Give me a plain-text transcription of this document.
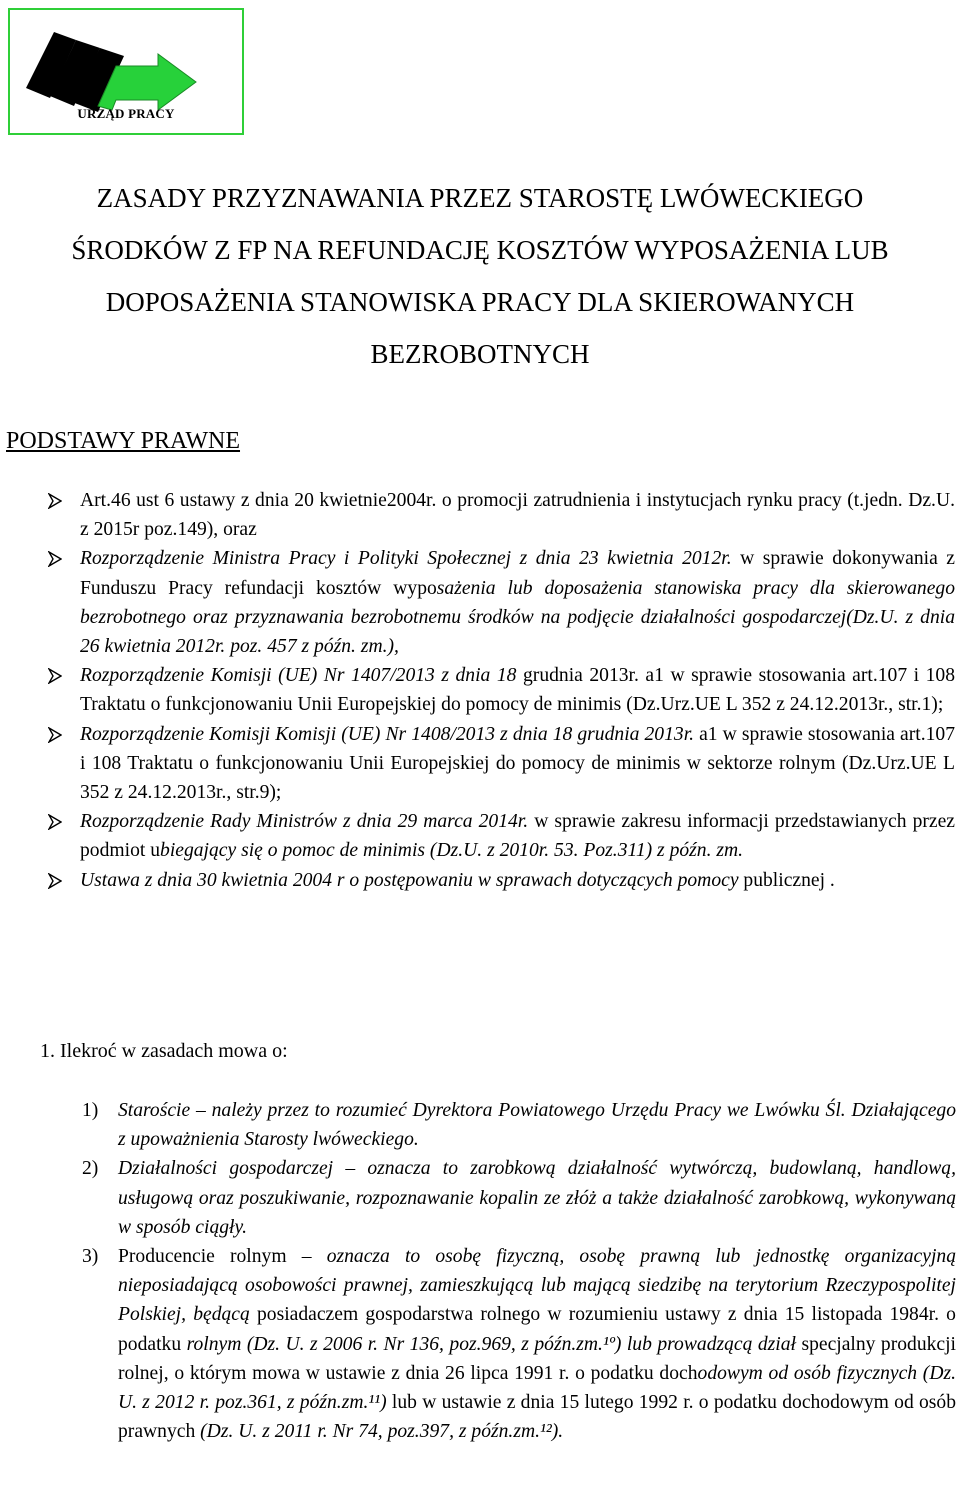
URZĄD PRACY
ZASADY PRZYZNAWANIA PRZEZ STAROSTĘ LWÓWECKIEGO
ŚRODKÓW Z FP NA REFUNDACJĘ KOSZTÓW WYPOSAŻENIA LUB
DOPOSAŻENIA STANOWISKA PRACY DLA SKIEROWANYCH
BEZROBOTNYCH
PODSTAWY PRAWNE
Art.46 ust 6 ustawy z dnia 20 kwietnie2004r. o promocji zatrudnienia i instytucjach rynku pracy (t.jedn. Dz.U. z 2015r poz.149), oraz
Rozporządzenie Ministra Pracy i Polityki Społecznej z dnia 23 kwietnia 2012r. w sprawie dokonywania z Funduszu Pracy refundacji kosztów wyposażenia lub doposażenia stanowiska pracy dla skierowanego bezrobotnego oraz przyznawania bezrobotnemu środków na podjęcie działalności gospodarczej(Dz.U. z dnia 26 kwietnia 2012r. poz. 457 z późn. zm.),
Rozporządzenie Komisji (UE) Nr 1407/2013 z dnia 18 grudnia 2013r. a1 w sprawie stosowania art.107 i 108 Traktatu o funkcjonowaniu Unii Europejskiej do pomocy de minimis (Dz.Urz.UE L 352 z 24.12.2013r., str.1);
Rozporządzenie Komisji Komisji (UE) Nr 1408/2013 z dnia 18 grudnia 2013r. a1 w sprawie stosowania art.107 i 108 Traktatu o funkcjonowaniu Unii Europejskiej do pomocy de minimis w sektorze rolnym (Dz.Urz.UE L 352 z 24.12.2013r., str.9);
Rozporządzenie Rady Ministrów z dnia 29 marca 2014r. w sprawie zakresu informacji przedstawianych przez podmiot ubiegający się o pomoc de minimis (Dz.U. z 2010r. 53. Poz.311) z późn. zm.
Ustawa z dnia 30 kwietnia 2004 r o postępowaniu w sprawach dotyczących pomocy publicznej .
1. Ilekroć w zasadach mowa o:
1) Staroście – należy przez to rozumieć Dyrektora Powiatowego Urzędu Pracy we Lwówku Śl. Działającego z upoważnienia Starosty lwóweckiego.
2) Działalności gospodarczej – oznacza to zarobkową działalność wytwórczą, budowlaną, handlową, usługową oraz poszukiwanie, rozpoznawanie kopalin ze złóż a także działalność zarobkową, wykonywaną w sposób ciągły.
3) Producencie rolnym – oznacza to osobę fizyczną, osobę prawną lub jednostkę organizacyjną nieposiadającą osobowości prawnej, zamieszkującą lub mającą siedzibę na terytorium Rzeczypospolitej Polskiej, będącą posiadaczem gospodarstwa rolnego w rozumieniu ustawy z dnia 15 listopada 1984r. o podatku rolnym (Dz. U. z 2006 r. Nr 136, poz.969, z późn.zm.¹º) lub prowadzącą dział specjalny produkcji rolnej, o którym mowa w ustawie z dnia 26 lipca 1991 r. o podatku dochodowym od osób fizycznych (Dz. U. z 2012 r. poz.361, z późn.zm.¹¹) lub w ustawie z dnia 15 lutego 1992 r. o podatku dochodowym od osób prawnych (Dz. U. z 2011 r. Nr 74, poz.397, z późn.zm.¹²).
